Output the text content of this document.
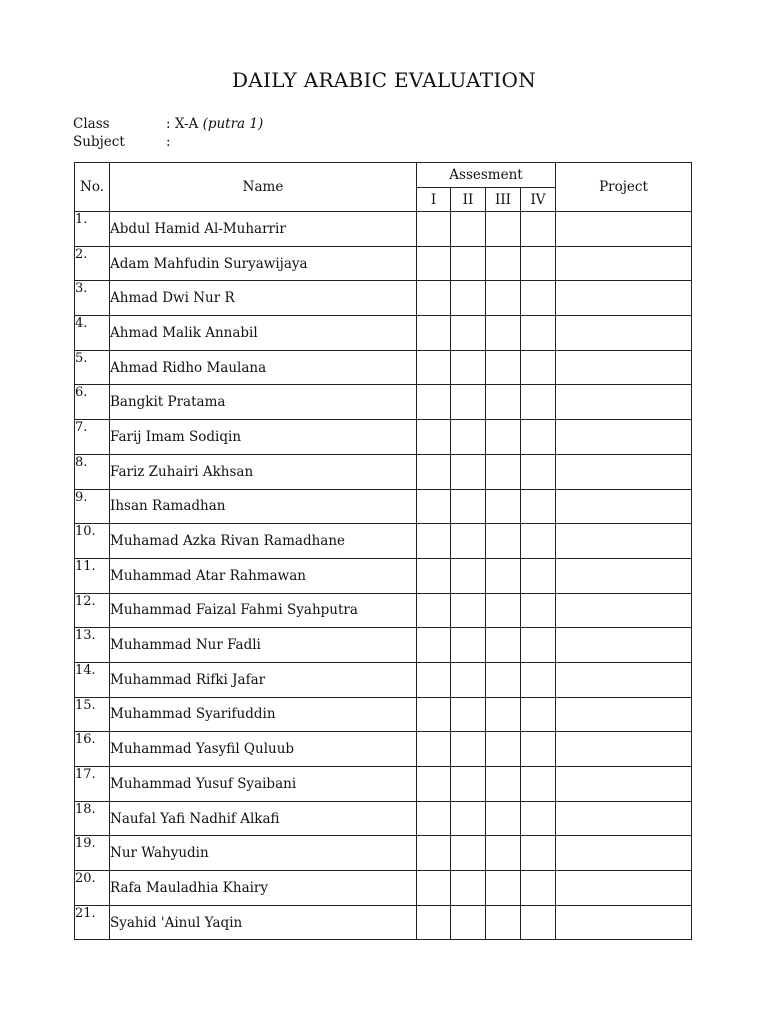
DAILY ARABIC EVALUATION
Class	: X-A (putra 1)
Subject	:
No.	Name	Assesment				Project
		I	II	III	IV	
1.	Abdul Hamid Al-Muharrir					
2.	Adam Mahfudin Suryawijaya					
3.	Ahmad Dwi Nur R					
4.	Ahmad Malik Annabil					
5.	Ahmad Ridho Maulana					
6.	Bangkit Pratama					
7.	Farij Imam Sodiqin					
8.	Fariz Zuhairi Akhsan					
9.	Ihsan Ramadhan					
10.	Muhamad Azka Rivan Ramadhane					
11.	Muhammad Atar Rahmawan					
12.	Muhammad Faizal Fahmi Syahputra					
13.	Muhammad Nur Fadli					
14.	Muhammad Rifki Jafar					
15.	Muhammad Syarifuddin					
16.	Muhammad Yasyfil Quluub					
17.	Muhammad Yusuf Syaibani					
18.	Naufal Yafi Nadhif Alkafi					
19.	Nur Wahyudin					
20.	Rafa Mauladhia Khairy					
21.	Syahid 'Ainul Yaqin					
